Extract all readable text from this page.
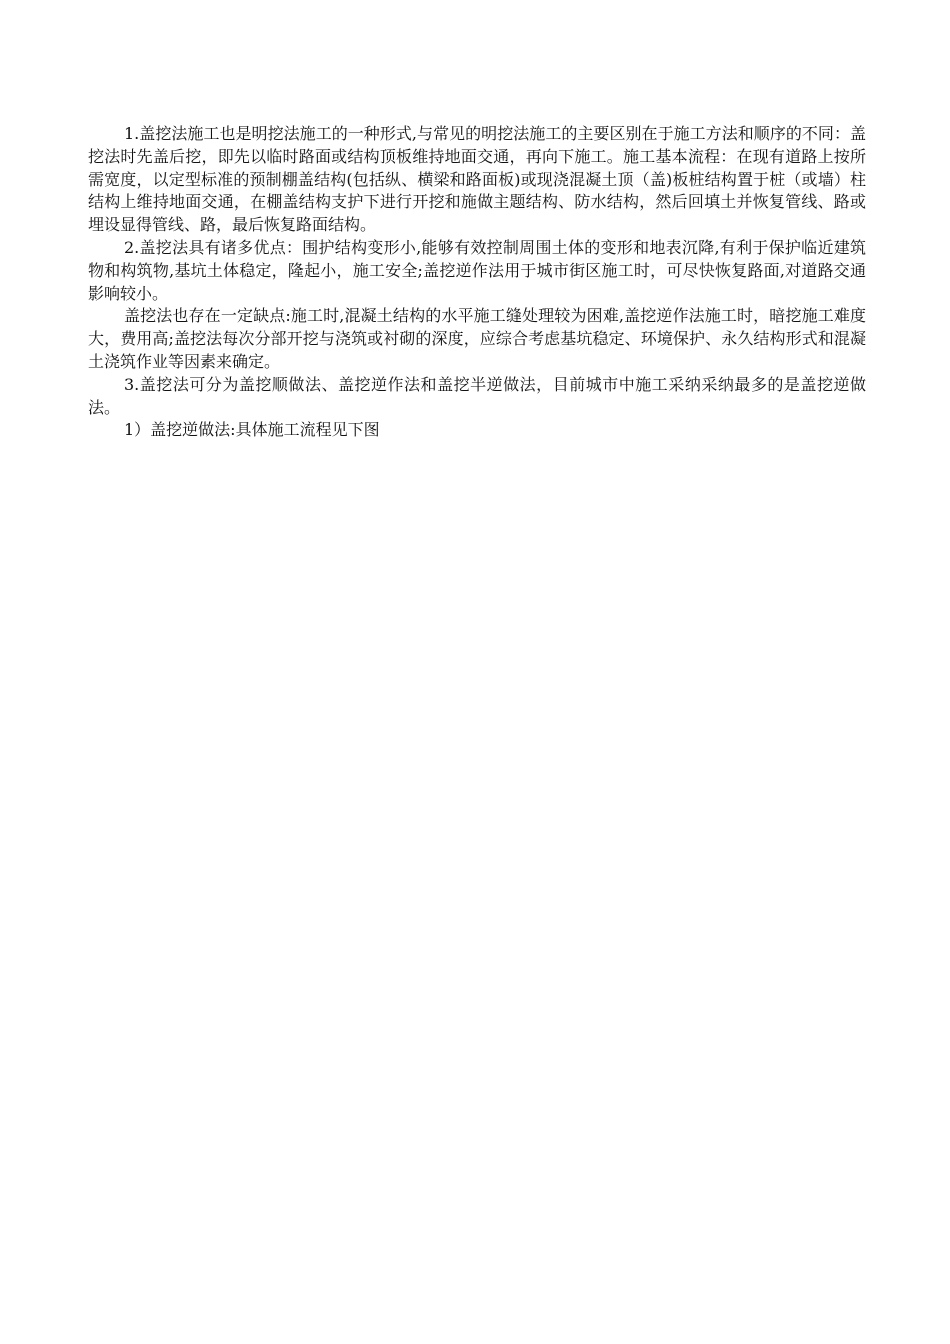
1.盖挖法施工也是明挖法施工的一种形式,与常见的明挖法施工的主要区别在于施工方法和顺序的不同：盖挖法时先盖后挖，即先以临时路面或结构顶板维持地面交通，再向下施工。施工基本流程：在现有道路上按所需宽度，以定型标准的预制棚盖结构(包括纵、横梁和路面板)或现浇混凝土顶（盖)板桩结构置于桩（或墙）柱结构上维持地面交通，在棚盖结构支护下进行开挖和施做主题结构、防水结构，然后回填土并恢复管线、路或埋设显得管线、路，最后恢复路面结构。

2.盖挖法具有诸多优点：围护结构变形小,能够有效控制周围土体的变形和地表沉降,有利于保护临近建筑物和构筑物,基坑土体稳定，隆起小，施工安全;盖挖逆作法用于城市街区施工时，可尽快恢复路面,对道路交通影响较小。

盖挖法也存在一定缺点:施工时,混凝土结构的水平施工缝处理较为困难,盖挖逆作法施工时，暗挖施工难度大，费用高;盖挖法每次分部开挖与浇筑或衬砌的深度，应综合考虑基坑稳定、环境保护、永久结构形式和混凝土浇筑作业等因素来确定。

3.盖挖法可分为盖挖顺做法、盖挖逆作法和盖挖半逆做法，目前城市中施工采纳采纳最多的是盖挖逆做法。

1）盖挖逆做法:具体施工流程见下图
